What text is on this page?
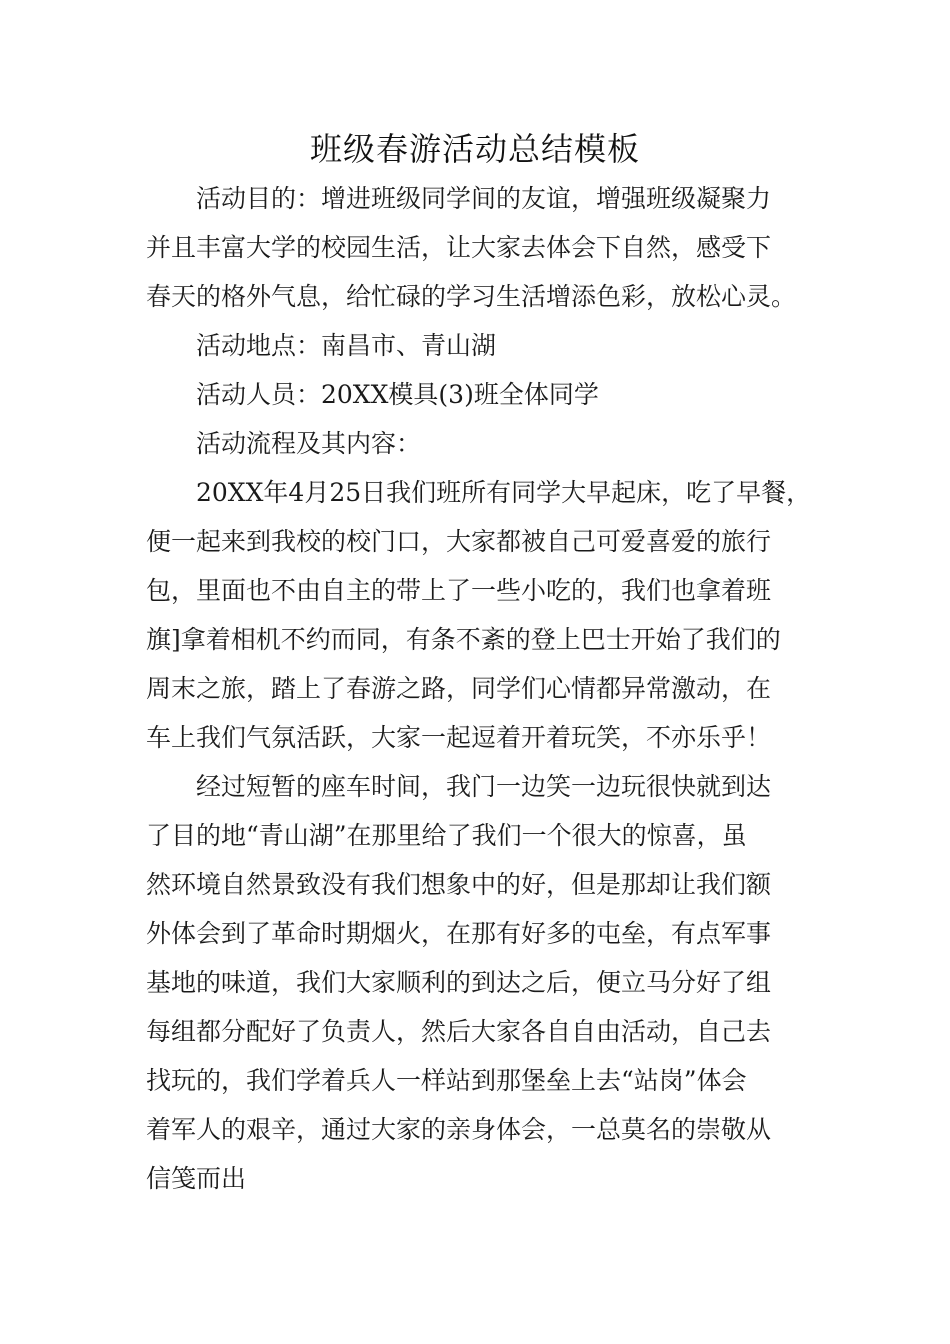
班级春游活动总结模板
活动目的：增进班级同学间的友谊，增强班级凝聚力
并且丰富大学的校园生活，让大家去体会下自然，感受下
春天的格外气息，给忙碌的学习生活增添色彩，放松心灵。
活动地点：南昌市、青山湖
活动人员：20XX模具(3)班全体同学
活动流程及其内容：
20XX年4月25日我们班所有同学大早起床，吃了早餐，
便一起来到我校的校门口，大家都被自己可爱喜爱的旅行
包，里面也不由自主的带上了一些小吃的，我们也拿着班
旗]拿着相机不约而同，有条不紊的登上巴士开始了我们的
周末之旅，踏上了春游之路，同学们心情都异常激动，在
车上我们气氛活跃，大家一起逗着开着玩笑，不亦乐乎！
经过短暂的座车时间，我门一边笑一边玩很快就到达
了目的地“青山湖”在那里给了我们一个很大的惊喜，虽
然环境自然景致没有我们想象中的好，但是那却让我们额
外体会到了革命时期烟火，在那有好多的屯垒，有点军事
基地的味道，我们大家顺利的到达之后，便立马分好了组
每组都分配好了负责人，然后大家各自自由活动，自己去
找玩的，我们学着兵人一样站到那堡垒上去“站岗”体会
着军人的艰辛，通过大家的亲身体会，一总莫名的崇敬从
信笺而出
